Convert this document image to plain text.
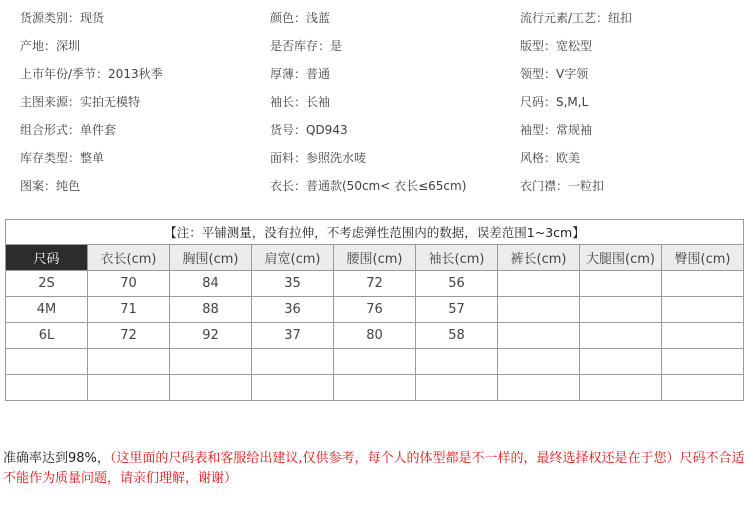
货源类别：现货	颜色：浅蓝	流行元素/工艺：纽扣
产地：深圳	是否库存：是	版型：宽松型
上市年份/季节：2013秋季	厚薄：普通	领型：V字领
主图来源：实拍无模特	袖长：长袖	尺码：S,M,L
组合形式：单件套	货号：QD943	袖型：常规袖
库存类型：整单	面料：参照洗水唛	风格：欧美
图案：纯色	衣长：普通款(50cm< 衣长≤65cm)	衣门襟：一粒扣
【注：平铺测量，没有拉伸，不考虑弹性范围内的数据，误差范围1~3cm】								
尺码	衣长(cm)	胸围(cm)	肩宽(cm)	腰围(cm)	袖长(cm)	裤长(cm)	大腿围(cm)	臀围(cm)
2S	70	84	35	72	56			
4M	71	88	36	76	57			
6L	72	92	37	80	58			

准确率达到98%，（这里面的尺码表和客服给出建议,仅供参考，每个人的体型都是不一样的，最终选择权还是在于您）尺码不合适不能作为质量问题，请亲们理解，谢谢）
